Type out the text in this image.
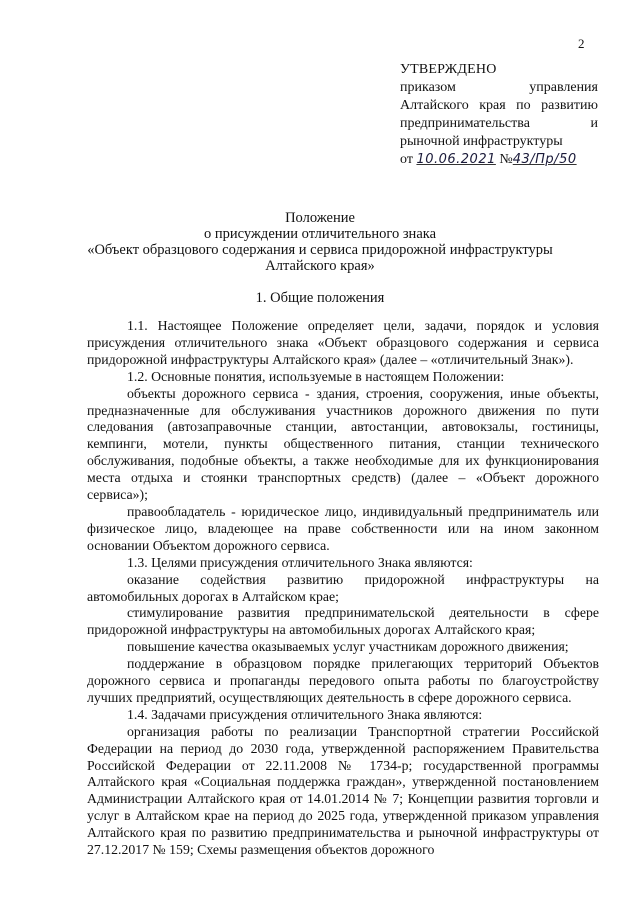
2
УТВЕРЖДЕНО
приказом управления Алтайского края по развитию предпринимательства и рыночной инфраструктуры
от 10.06.2021 №43/Пр/50
Положение
о присуждении отличительного знака
«Объект образцового содержания и сервиса придорожной инфраструктуры
Алтайского края»
1. Общие положения

1.1. Настоящее Положение определяет цели, задачи, порядок и условия присуждения отличительного знака «Объект образцового содержания и сервиса придорожной инфраструктуры Алтайского края» (далее – «отличительный Знак»).

1.2. Основные понятия, используемые в настоящем Положении:

объекты дорожного сервиса - здания, строения, сооружения, иные объекты, предназначенные для обслуживания участников дорожного движения по пути следования (автозаправочные станции, автостанции, автовокзалы, гостиницы, кемпинги, мотели, пункты общественного питания, станции технического обслуживания, подобные объекты, а также необходимые для их функционирования места отдыха и стоянки транспортных средств) (далее – «Объект дорожного сервиса»);

правообладатель - юридическое лицо, индивидуальный предприниматель или физическое лицо, владеющее на праве собственности или на ином законном основании Объектом дорожного сервиса.

1.3. Целями присуждения отличительного Знака являются:

оказание содействия развитию придорожной инфраструктуры на автомобильных дорогах в Алтайском крае;

стимулирование развития предпринимательской деятельности в сфере придорожной инфраструктуры на автомобильных дорогах Алтайского края;

повышение качества оказываемых услуг участникам дорожного движения;

поддержание в образцовом порядке прилегающих территорий Объектов дорожного сервиса и пропаганды передового опыта работы по благоустройству лучших предприятий, осуществляющих деятельность в сфере дорожного сервиса.

1.4. Задачами присуждения отличительного Знака являются:

организация работы по реализации Транспортной стратегии Российской Федерации на период до 2030 года, утвержденной распоряжением Правительства Российской Федерации от 22.11.2008 № 1734-р; государственной программы Алтайского края «Социальная поддержка граждан», утвержденной постановлением Администрации Алтайского края от 14.01.2014 № 7; Концепции развития торговли и услуг в Алтайском крае на период до 2025 года, утвержденной приказом управления Алтайского края по развитию предпринимательства и рыночной инфраструктуры от 27.12.2017 № 159; Схемы размещения объектов дорожного
